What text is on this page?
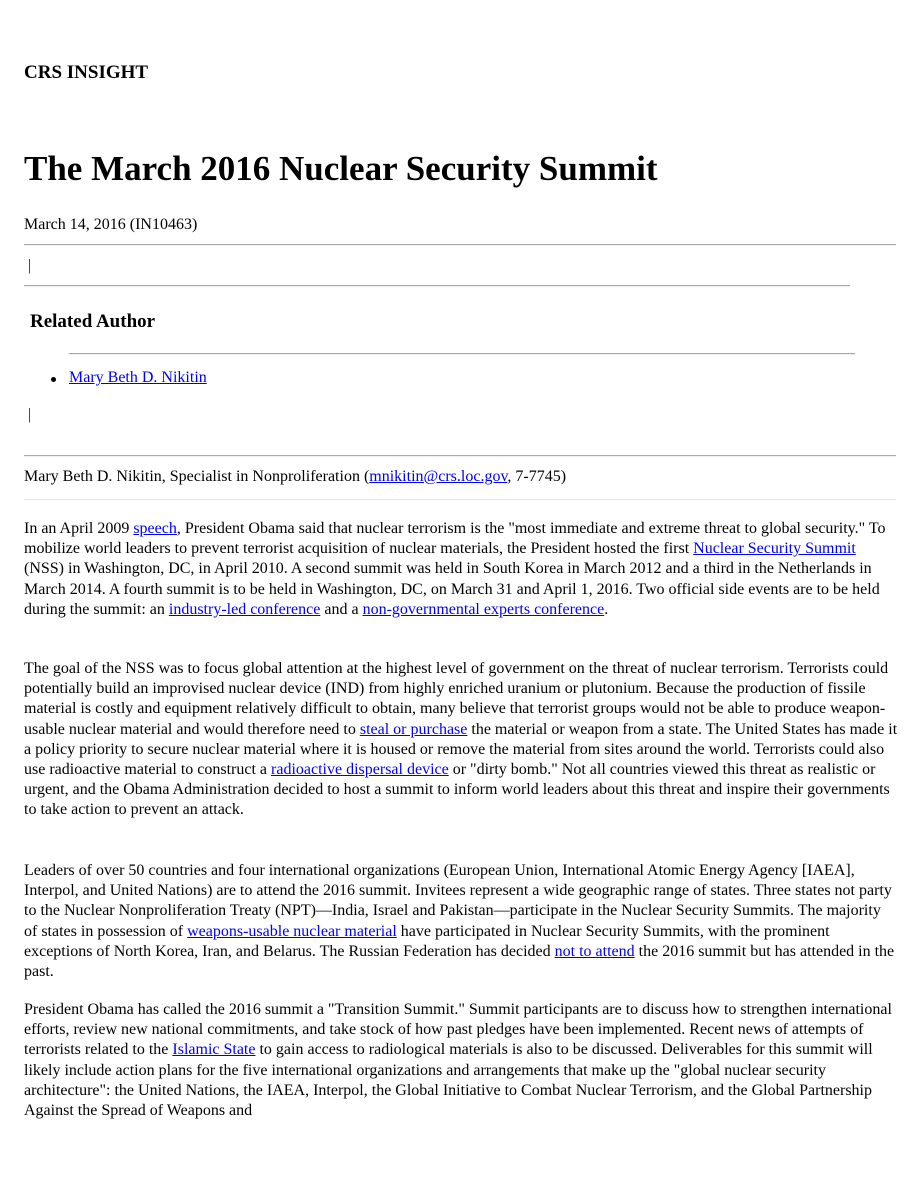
CRS INSIGHT
The March 2016 Nuclear Security Summit

March 14, 2016 (IN10463)

|
Related Author
Mary Beth D. Nikitin
|

Mary Beth D. Nikitin, Specialist in Nonproliferation (mnikitin@crs.loc.gov, 7-7745)

In an April 2009 speech, President Obama said that nuclear terrorism is the "most immediate and extreme threat to global security." To mobilize world leaders to prevent terrorist acquisition of nuclear materials, the President hosted the first Nuclear Security Summit (NSS) in Washington, DC, in April 2010. A second summit was held in South Korea in March 2012 and a third in the Netherlands in March 2014. A fourth summit is to be held in Washington, DC, on March 31 and April 1, 2016. Two official side events are to be held during the summit: an industry-led conference and a non-governmental experts conference.

The goal of the NSS was to focus global attention at the highest level of government on the threat of nuclear terrorism. Terrorists could potentially build an improvised nuclear device (IND) from highly enriched uranium or plutonium. Because the production of fissile material is costly and equipment relatively difficult to obtain, many believe that terrorist groups would not be able to produce weapon-usable nuclear material and would therefore need to steal or purchase the material or weapon from a state. The United States has made it a policy priority to secure nuclear material where it is housed or remove the material from sites around the world. Terrorists could also use radioactive material to construct a radioactive dispersal device or "dirty bomb." Not all countries viewed this threat as realistic or urgent, and the Obama Administration decided to host a summit to inform world leaders about this threat and inspire their governments to take action to prevent an attack.

Leaders of over 50 countries and four international organizations (European Union, International Atomic Energy Agency [IAEA], Interpol, and United Nations) are to attend the 2016 summit. Invitees represent a wide geographic range of states. Three states not party to the Nuclear Nonproliferation Treaty (NPT)—India, Israel and Pakistan—participate in the Nuclear Security Summits. The majority of states in possession of weapons-usable nuclear material have participated in Nuclear Security Summits, with the prominent exceptions of North Korea, Iran, and Belarus. The Russian Federation has decided not to attend the 2016 summit but has attended in the past.

President Obama has called the 2016 summit a "Transition Summit." Summit participants are to discuss how to strengthen international efforts, review new national commitments, and take stock of how past pledges have been implemented. Recent news of attempts of terrorists related to the Islamic State to gain access to radiological materials is also to be discussed. Deliverables for this summit will likely include action plans for the five international organizations and arrangements that make up the "global nuclear security architecture": the United Nations, the IAEA, Interpol, the Global Initiative to Combat Nuclear Terrorism, and the Global Partnership Against the Spread of Weapons and
